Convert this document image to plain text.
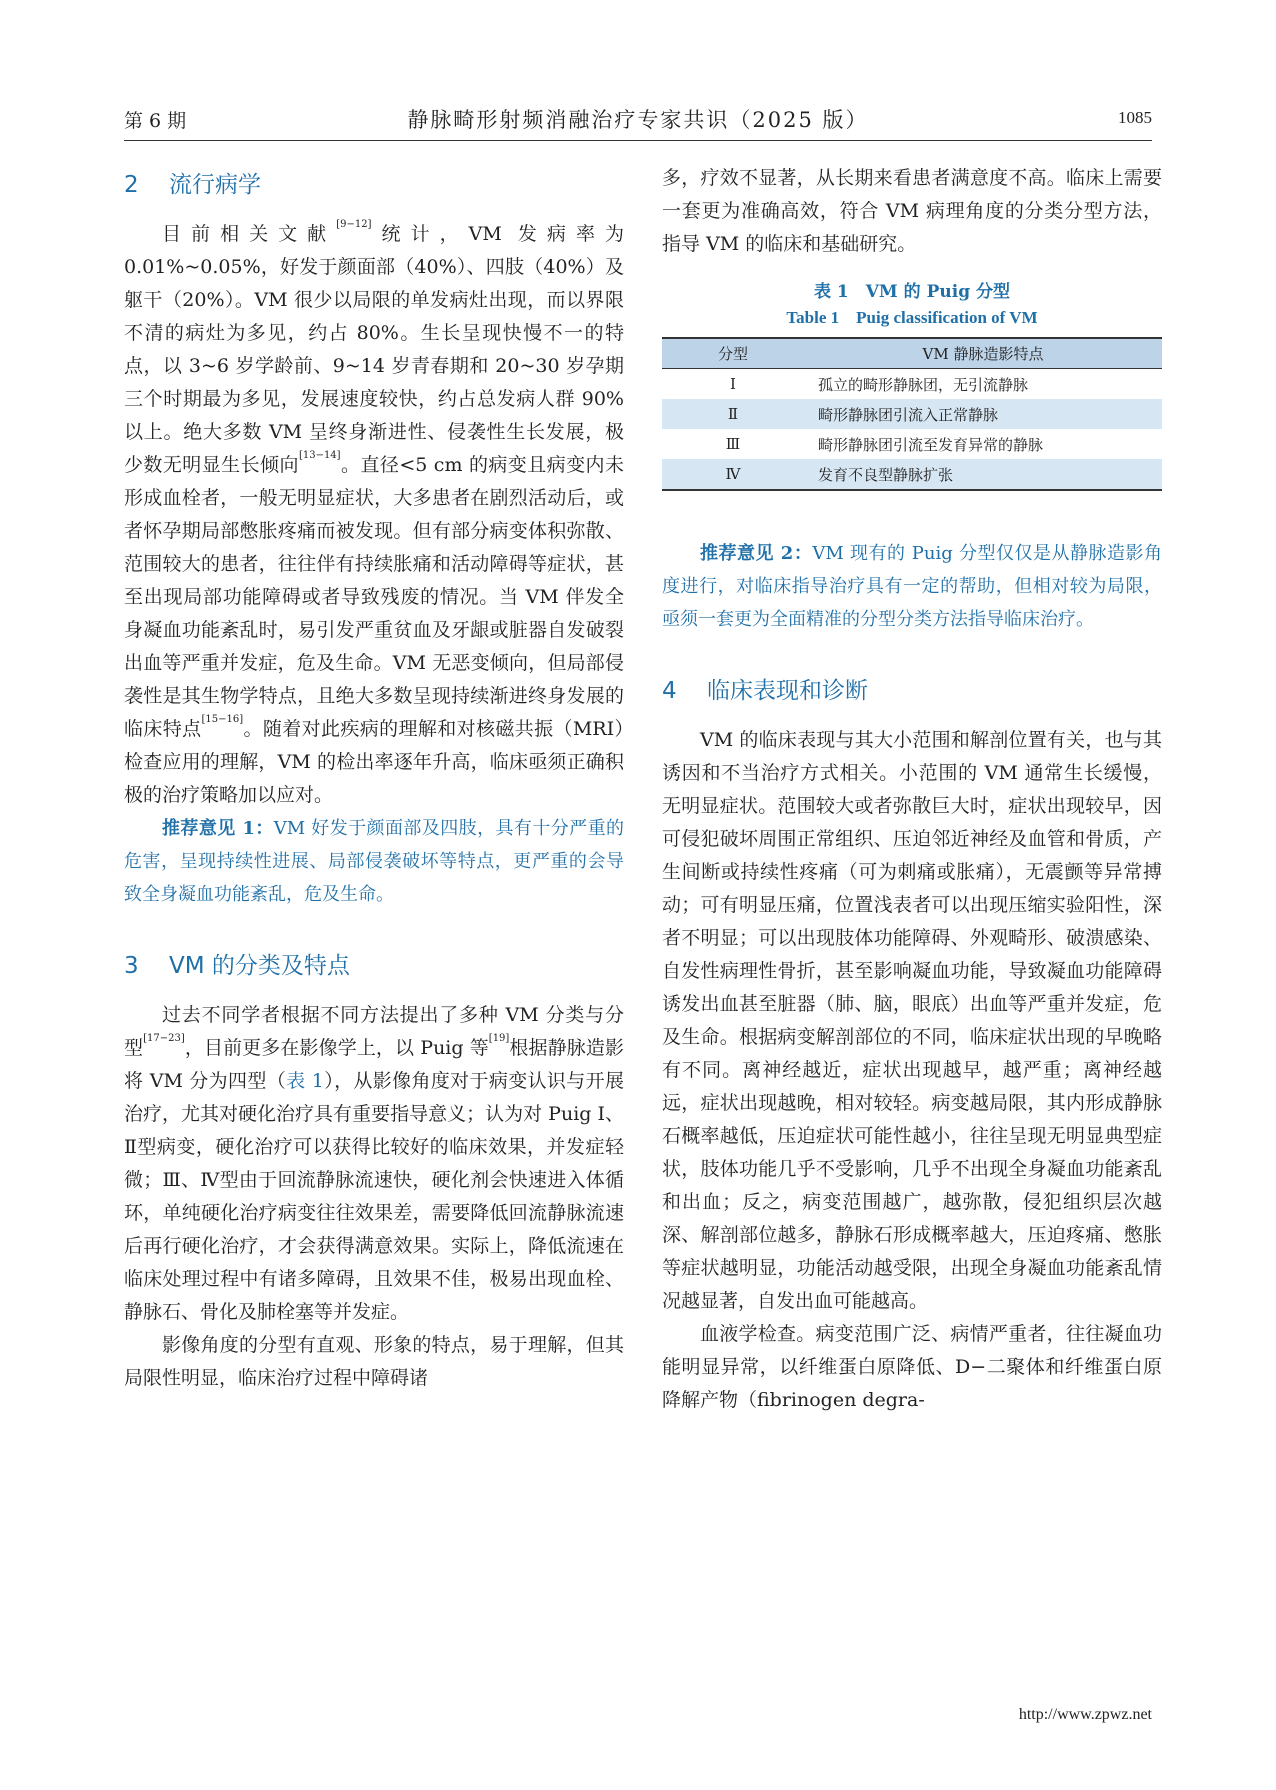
第 6 期	静脉畸形射频消融治疗专家共识（2025 版）	1085
2 流行病学

目前相关文献[9−12]统计，VM 发病率为 0.01%~0.05%，好发于颜面部（40%）、四肢（40%）及躯干（20%）。VM 很少以局限的单发病灶出现，而以界限不清的病灶为多见，约占 80%。生长呈现快慢不一的特点，以 3~6 岁学龄前、9~14 岁青春期和 20~30 岁孕期三个时期最为多见，发展速度较快，约占总发病人群 90% 以上。绝大多数 VM 呈终身渐进性、侵袭性生长发展，极少数无明显生长倾向[13−14]。直径<5 cm 的病变且病变内未形成血栓者，一般无明显症状，大多患者在剧烈活动后，或者怀孕期局部憋胀疼痛而被发现。但有部分病变体积弥散、范围较大的患者，往往伴有持续胀痛和活动障碍等症状，甚至出现局部功能障碍或者导致残废的情况。当 VM 伴发全身凝血功能紊乱时，易引发严重贫血及牙龈或脏器自发破裂出血等严重并发症，危及生命。VM 无恶变倾向，但局部侵袭性是其生物学特点，且绝大多数呈现持续渐进终身发展的临床特点[15−16]。随着对此疾病的理解和对核磁共振（MRI）检查应用的理解，VM 的检出率逐年升高，临床亟须正确积极的治疗策略加以应对。

推荐意见 1：VM 好发于颜面部及四肢，具有十分严重的危害，呈现持续性进展、局部侵袭破坏等特点，更严重的会导致全身凝血功能紊乱，危及生命。

3 VM 的分类及特点

过去不同学者根据不同方法提出了多种 VM 分类与分型[17−23]，目前更多在影像学上，以 Puig 等[19]根据静脉造影将 VM 分为四型（表 1），从影像角度对于病变认识与开展治疗，尤其对硬化治疗具有重要指导意义；认为对 Puig Ⅰ、Ⅱ型病变，硬化治疗可以获得比较好的临床效果，并发症轻微；Ⅲ、Ⅳ型由于回流静脉流速快，硬化剂会快速进入体循环，单纯硬化治疗病变往往效果差，需要降低回流静脉流速后再行硬化治疗，才会获得满意效果。实际上，降低流速在临床处理过程中有诸多障碍，且效果不佳，极易出现血栓、静脉石、骨化及肺栓塞等并发症。

影像角度的分型有直观、形象的特点，易于理解，但其局限性明显，临床治疗过程中障碍诸

多，疗效不显著，从长期来看患者满意度不高。临床上需要一套更为准确高效，符合 VM 病理角度的分类分型方法，指导 VM 的临床和基础研究。

表 1　VM 的 Puig 分型
Table 1　Puig classification of VM
分型	VM 静脉造影特点
Ⅰ	孤立的畸形静脉团，无引流静脉
Ⅱ	畸形静脉团引流入正常静脉
Ⅲ	畸形静脉团引流至发育异常的静脉
Ⅳ	发育不良型静脉扩张

推荐意见 2：VM 现有的 Puig 分型仅仅是从静脉造影角度进行，对临床指导治疗具有一定的帮助，但相对较为局限，亟须一套更为全面精准的分型分类方法指导临床治疗。

4 临床表现和诊断

VM 的临床表现与其大小范围和解剖位置有关，也与其诱因和不当治疗方式相关。小范围的 VM 通常生长缓慢，无明显症状。范围较大或者弥散巨大时，症状出现较早，因可侵犯破坏周围正常组织、压迫邻近神经及血管和骨质，产生间断或持续性疼痛（可为刺痛或胀痛），无震颤等异常搏动；可有明显压痛，位置浅表者可以出现压缩实验阳性，深者不明显；可以出现肢体功能障碍、外观畸形、破溃感染、自发性病理性骨折，甚至影响凝血功能，导致凝血功能障碍诱发出血甚至脏器（肺、脑，眼底）出血等严重并发症，危及生命。根据病变解剖部位的不同，临床症状出现的早晚略有不同。离神经越近，症状出现越早，越严重；离神经越远，症状出现越晚，相对较轻。病变越局限，其内形成静脉石概率越低，压迫症状可能性越小，往往呈现无明显典型症状，肢体功能几乎不受影响，几乎不出现全身凝血功能紊乱和出血；反之，病变范围越广，越弥散，侵犯组织层次越深、解剖部位越多，静脉石形成概率越大，压迫疼痛、憋胀等症状越明显，功能活动越受限，出现全身凝血功能紊乱情况越显著，自发出血可能越高。

血液学检查。病变范围广泛、病情严重者，往往凝血功能明显异常，以纤维蛋白原降低、D−二聚体和纤维蛋白原降解产物（fibrinogen degra-

http://www.zpwz.net
